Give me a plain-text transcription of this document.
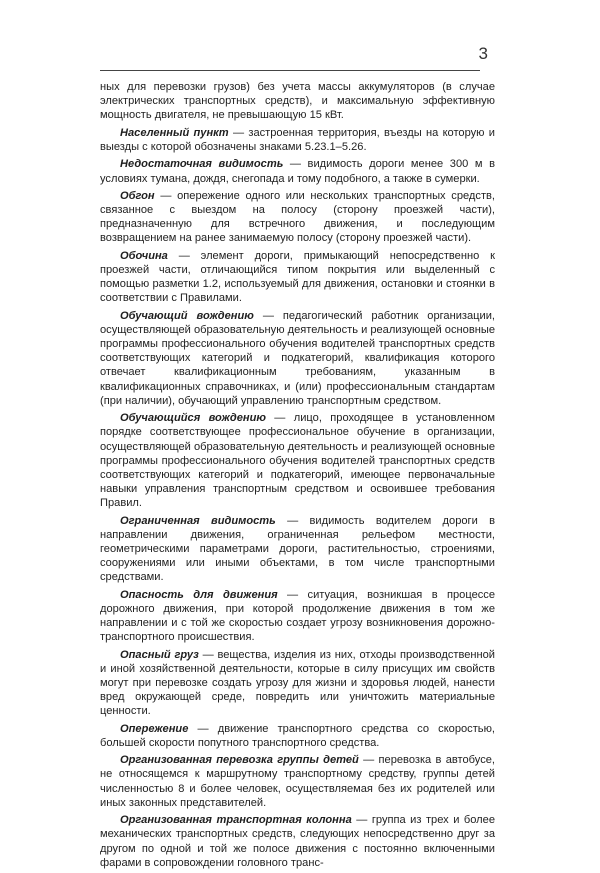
3

ных для перевозки грузов) без учета массы аккумуляторов (в случае электрических транспортных средств), и максимальную эффективную мощность двигателя, не превышающую 15 кВт.

Населенный пункт — застроенная территория, въезды на которую и выезды с которой обозначены знаками 5.23.1–5.26.

Недостаточная видимость — видимость дороги менее 300 м в условиях тумана, дождя, снегопада и тому подобного, а также в сумерки.

Обгон — опережение одного или нескольких транспортных средств, связанное с выездом на полосу (сторону проезжей части), предназначенную для встречного движения, и последующим возвращением на ранее занимаемую полосу (сторону проезжей части).

Обочина — элемент дороги, примыкающий непосредственно к проезжей части, отличающийся типом покрытия или выделенный с помощью разметки 1.2, используемый для движения, остановки и стоянки в соответствии с Правилами.

Обучающий вождению — педагогический работник организации, осуществляющей образовательную деятельность и реализующей основные программы профессионального обучения водителей транспортных средств соответствующих категорий и подкатегорий, квалификация которого отвечает квалификационным требованиям, указанным в квалификационных справочниках, и (или) профессиональным стандартам (при наличии), обучающий управлению транспортным средством.

Обучающийся вождению — лицо, проходящее в установленном порядке соответствующее профессиональное обучение в организации, осуществляющей образовательную деятельность и реализующей основные программы профессионального обучения водителей транспортных средств соответствующих категорий и подкатегорий, имеющее первоначальные навыки управления транспортным средством и освоившее требования Правил.

Ограниченная видимость — видимость водителем дороги в направлении движения, ограниченная рельефом местности, геометрическими параметрами дороги, растительностью, строениями, сооружениями или иными объектами, в том числе транспортными средствами.

Опасность для движения — ситуация, возникшая в процессе дорожного движения, при которой продолжение движения в том же направлении и с той же скоростью создает угрозу возникновения дорожно-транспортного происшествия.

Опасный груз — вещества, изделия из них, отходы производственной и иной хозяйственной деятельности, которые в силу присущих им свойств могут при перевозке создать угрозу для жизни и здоровья людей, нанести вред окружающей среде, повредить или уничтожить материальные ценности.

Опережение — движение транспортного средства со скоростью, большей скорости попутного транспортного средства.

Организованная перевозка группы детей — перевозка в автобусе, не относящемся к маршрутному транспортному средству, группы детей численностью 8 и более человек, осуществляемая без их родителей или иных законных представителей.

Организованная транспортная колонна — группа из трех и более механических транспортных средств, следующих непосредственно друг за другом по одной и той же полосе движения с постоянно включенными фарами в сопровождении головного транс-
